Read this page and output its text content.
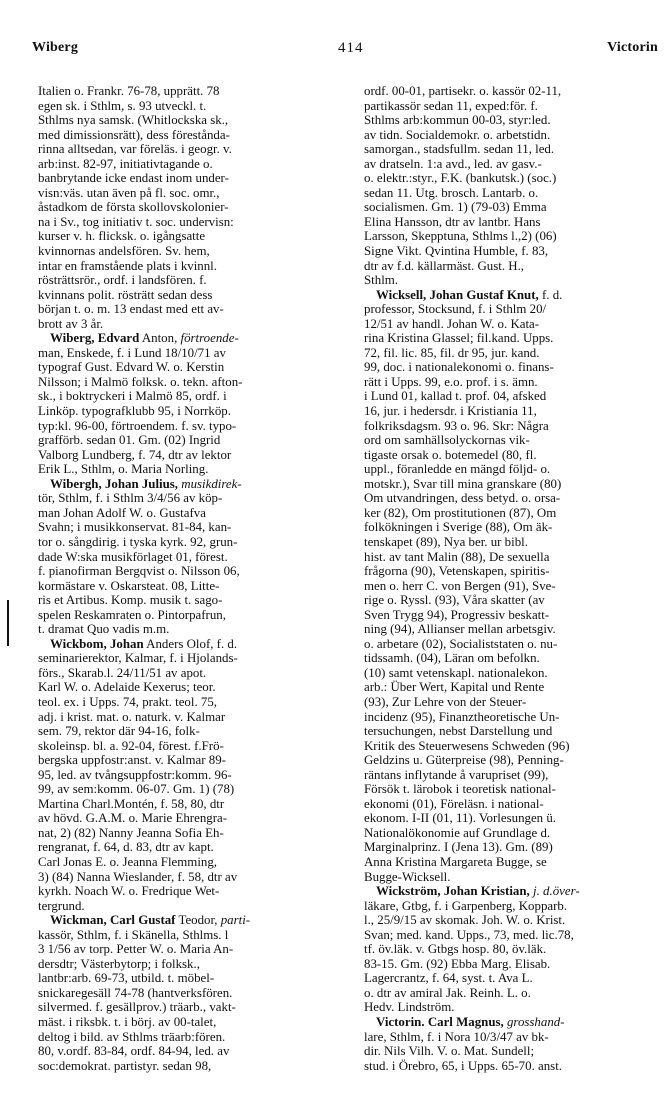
Wiberg	414	Victorin
Italien o. Frankr. 76-78, upprätt. 78
egen sk. i Sthlm, s. 93 utveckl. t.
Sthlms nya samsk. (Whitlockska sk.,
med dimissionsrätt), dess förestånda-
rinna alltsedan, var föreläs. i geogr. v.
arb:inst. 82-97, initiativtagande o.
banbrytande icke endast inom under-
visn:väs. utan även på fl. soc. omr.,
åstadkom de första skollovskolonier-
na i Sv., tog initiativ t. soc. undervisn:
kurser v. h. flicksk. o. igångsatte
kvinnornas andelsfören. Sv. hem,
intar en framstående plats i kvinnl.
rösträttsrör., ordf. i landsfören. f.
kvinnans polit. rösträtt sedan dess
början t. o. m. 13 endast med ett av-
brott av 3 år.
Wiberg, Edvard Anton, förtroende-
man, Enskede, f. i Lund 18/10/71 av
typograf Gust. Edvard W. o. Kerstin
Nilsson; i Malmö folksk. o. tekn. afton-
sk., i boktryckeri i Malmö 85, ordf. i
Linköp. typografklubb 95, i Norrköp.
typ:kl. 96-00, förtroendem. f. sv. typo-
grafförb. sedan 01. Gm. (02) Ingrid
Valborg Lundberg, f. 74, dtr av lektor
Erik L., Sthlm, o. Maria Norling.
Wibergh, Johan Julius, musikdirek-
tör, Sthlm, f. i Sthlm 3/4/56 av köp-
man Johan Adolf W. o. Gustafva
Svahn; i musikkonservat. 81-84, kan-
tor o. sångdirig. i tyska kyrk. 92, grun-
dade W:ska musikförlaget 01, förest.
f. pianofirman Bergqvist o. Nilsson 06,
kormästare v. Oskarsteat. 08, Litte-
ris et Artibus. Komp. musik t. sago-
spelen Reskamraten o. Pintorpafrun,
t. dramat Quo vadis m.m.
Wickbom, Johan Anders Olof, f. d.
seminarierektor, Kalmar, f. i Hjolands-
förs., Skarab.l. 24/11/51 av apot.
Karl W. o. Adelaide Kexerus; teor.
teol. ex. i Upps. 74, prakt. teol. 75,
adj. i krist. mat. o. naturk. v. Kalmar
sem. 79, rektor där 94-16, folk-
skoleinsp. bl. a. 92-04, förest. f.Frö-
bergska uppfostr:anst. v. Kalmar 89-
95, led. av tvångsuppfostr:komm. 96-
99, av sem:komm. 06-07. Gm. 1) (78)
Martina Charl.Montén, f. 58, 80, dtr
av hövd. G.A.M. o. Marie Ehrengra-
nat, 2) (82) Nanny Jeanna Sofia Eh-
rengranat, f. 64, d. 83, dtr av kapt.
Carl Jonas E. o. Jeanna Flemming,
3) (84) Nanna Wieslander, f. 58, dtr av
kyrkh. Noach W. o. Fredrique Wet-
tergrund.
Wickman, Carl Gustaf Teodor, parti-
kassör, Sthlm, f. i Skänella, Sthlms. l
3 1/56 av torp. Petter W. o. Maria An-
dersdtr; Västerbytorp; i folksk.,
lantbr:arb. 69-73, utbild. t. möbel-
snickaregesäll 74-78 (hantverksfören.
silvermed. f. gesällprov.) träarb., vakt-
mäst. i riksbk. t. i börj. av 00-talet,
deltog i bild. av Sthlms träarb:fören.
80, v.ordf. 83-84, ordf. 84-94, led. av
soc:demokrat. partistyr. sedan 98,
ordf. 00-01, partisekr. o. kassör 02-11,
partikassör sedan 11, exped:för. f.
Sthlms arb:kommun 00-03, styr:led.
av tidn. Socialdemokr. o. arbetstidn.
samorgan., stadsfullm. sedan 11, led.
av dratseln. 1:a avd., led. av gasv.-
o. elektr.:styr., F.K. (bankutsk.) (soc.)
sedan 11. Utg. brosch. Lantarb. o.
socialismen. Gm. 1) (79-03) Emma
Elina Hansson, dtr av lantbr. Hans
Larsson, Skepptuna, Sthlms l.,2) (06)
Signe Vikt. Qvintina Humble, f. 83,
dtr av f.d. källarmäst. Gust. H.,
Sthlm.
Wicksell, Johan Gustaf Knut, f. d.
professor, Stocksund, f. i Sthlm 20/
12/51 av handl. Johan W. o. Kata-
rina Kristina Glassel; fil.kand. Upps.
72, fil. lic. 85, fil. dr 95, jur. kand.
99, doc. i nationalekonomi o. finans-
rätt i Upps. 99, e.o. prof. i s. ämn.
i Lund 01, kallad t. prof. 04, afsked
16, jur. i hedersdr. i Kristiania 11,
folkriksdagsm. 93 o. 96. Skr: Några
ord om samhällsolyckornas vik-
tigaste orsak o. botemedel (80, fl.
uppl., föranledde en mängd följd- o.
motskr.), Svar till mina granskare (80)
Om utvandringen, dess betyd. o. orsa-
ker (82), Om prostitutionen (87), Om
folkökningen i Sverige (88), Om äk-
tenskapet (89), Nya ber. ur bibl.
hist. av tant Malin (88), De sexuella
frågorna (90), Vetenskapen, spiritis-
men o. herr C. von Bergen (91), Sve-
rige o. Ryssl. (93), Våra skatter (av
Sven Trygg 94), Progressiv beskatt-
ning (94), Allianser mellan arbetsgiv.
o. arbetare (02), Socialiststaten o. nu-
tidssamh. (04), Läran om befolkn.
(10) samt vetenskapl. nationalekon.
arb.: Über Wert, Kapital und Rente
(93), Zur Lehre von der Steuer-
incidenz (95), Finanztheoretische Un-
tersuchungen, nebst Darstellung und
Kritik des Steuerwesens Schweden (96)
Geldzins u. Güterpreise (98), Penning-
räntans inflytande å varupriset (99),
Försök t. lärobok i teoretisk national-
ekonomi (01), Föreläsn. i national-
ekonom. I-II (01, 11). Vorlesungen ü.
Nationalökonomie auf Grundlage d.
Marginalprinz. I (Jena 13). Gm. (89)
Anna Kristina Margareta Bugge, se
Bugge-Wicksell.
Wickström, Johan Kristian, j. d.över-
läkare, Gtbg, f. i Garpenberg, Kopparb.
l., 25/9/15 av skomak. Joh. W. o. Krist.
Svan; med. kand. Upps., 73, med. lic.78,
tf. öv.läk. v. Gtbgs hosp. 80, öv.läk.
83-15. Gm. (92) Ebba Marg. Elisab.
Lagercrantz, f. 64, syst. t. Ava L.
o. dtr av amiral Jak. Reinh. L. o.
Hedv. Lindström.
Victorin. Carl Magnus, grosshand-
lare, Sthlm, f. i Nora 10/3/47 av bk-
dir. Nils Vilh. V. o. Mat. Sundell;
stud. i Örebro, 65, i Upps. 65-70. anst.
